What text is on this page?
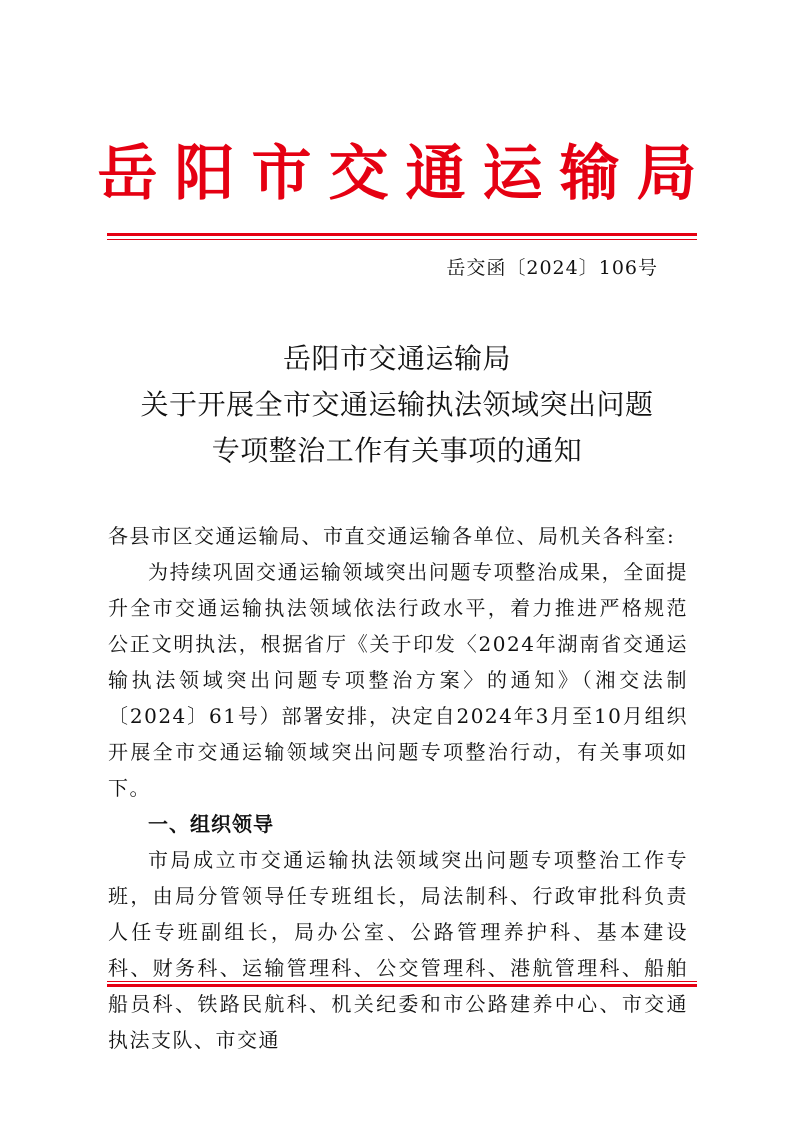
岳阳市交通运输局
岳交函〔2024〕106号
岳阳市交通运输局
关于开展全市交通运输执法领域突出问题
专项整治工作有关事项的通知

各县市区交通运输局、市直交通运输各单位、局机关各科室:

为持续巩固交通运输领域突出问题专项整治成果，全面提升全市交通运输执法领域依法行政水平，着力推进严格规范公正文明执法，根据省厅《关于印发〈2024年湖南省交通运输执法领域突出问题专项整治方案〉的通知》（湘交法制〔2024〕61号）部署安排，决定自2024年3月至10月组织开展全市交通运输领域突出问题专项整治行动，有关事项如下。

一、组织领导

市局成立市交通运输执法领域突出问题专项整治工作专班，由局分管领导任专班组长，局法制科、行政审批科负责人任专班副组长，局办公室、公路管理养护科、基本建设科、财务科、运输管理科、公交管理科、港航管理科、船舶船员科、铁路民航科、机关纪委和市公路建养中心、市交通执法支队、市交通
